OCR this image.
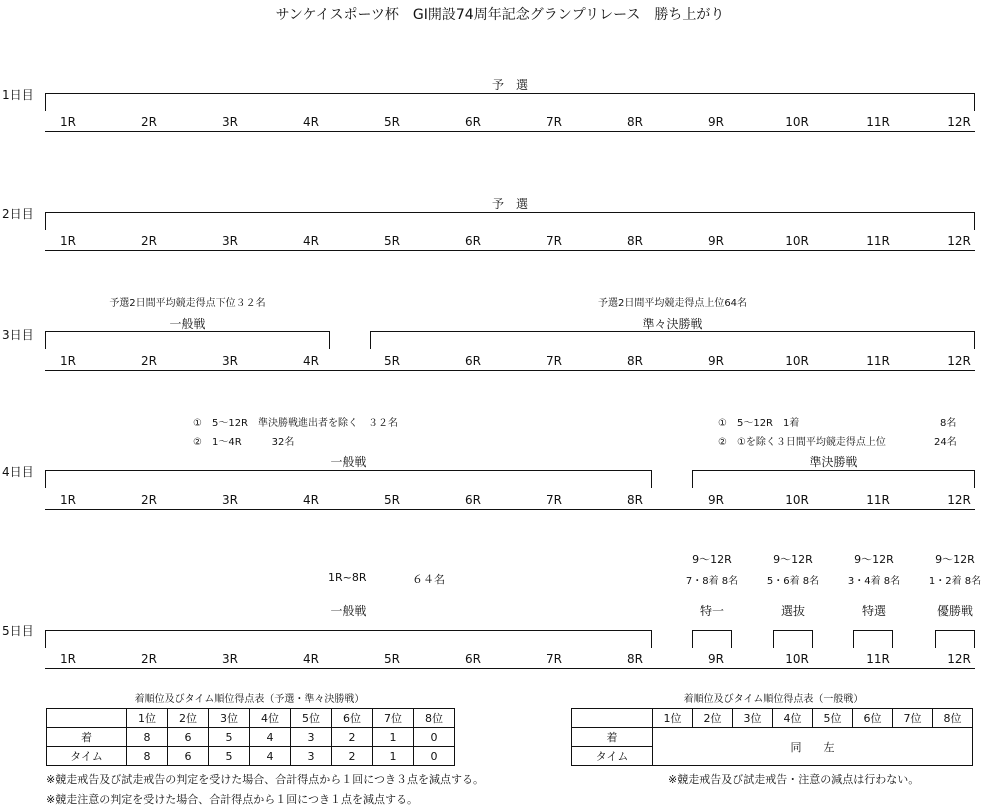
サンケイスポーツ杯　GⅠ開設74周年記念グランプリレース　勝ち上がり
1日目
予　選
1R	2R	3R	4R	5R	6R	7R	8R	9R	10R	11R	12R
2日目
予　選
1R	2R	3R	4R	5R	6R	7R	8R	9R	10R	11R	12R
3日目
予選2日間平均競走得点下位３２名
一般戦
予選2日間平均競走得点上位64名
準々決勝戦
1R	2R	3R	4R	5R	6R	7R	8R	9R	10R	11R	12R
4日目
①　5～12R　準決勝戦進出者を除く　３２名
②　1～4R　　　32名
一般戦
①　5～12R　1着	8名
②　①を除く３日間平均競走得点上位	24名
準決勝戦
1R	2R	3R	4R	5R	6R	7R	8R	9R	10R	11R	12R
5日目
1R~8R	６４名
一般戦
9～12R
7・8着 8名
特一
9～12R
5・6着 8名
選抜
9～12R
3・4着 8名
特選
9～12R
1・2着 8名
優勝戦
1R	2R	3R	4R	5R	6R	7R	8R	9R	10R	11R	12R
着順位及びタイム順位得点表（予選・準々決勝戦）
	1位	2位	3位	4位	5位	6位	7位	8位
着	8	6	5	4	3	2	1	0
タイム	8	6	5	4	3	2	1	0
着順位及びタイム順位得点表（一般戦）
	1位	2位	3位	4位	5位	6位	7位	8位
着	同　　左							
タイム								
※競走戒告及び試走戒告の判定を受けた場合、合計得点から１回につき３点を減点する。
※競走注意の判定を受けた場合、合計得点から１回につき１点を減点する。
※競走戒告及び試走戒告・注意の減点は行わない。
